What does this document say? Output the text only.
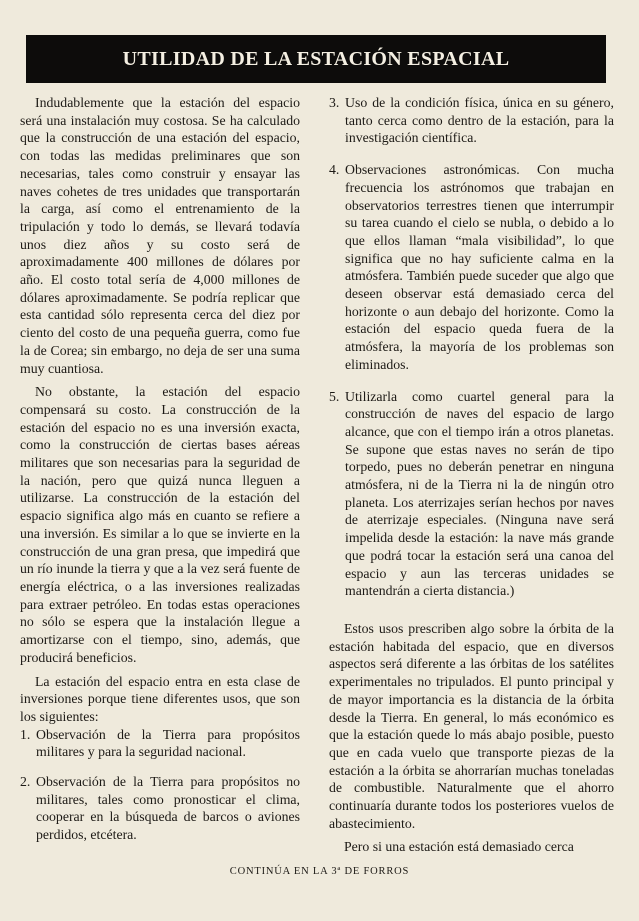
UTILIDAD DE LA ESTACIÓN ESPACIAL

Indudablemente que la estación del espacio será una instalación muy costosa. Se ha calculado que la construcción de una estación del espacio, con todas las medidas preliminares que son necesarias, tales como construir y ensayar las naves cohetes de tres unidades que transportarán la carga, así como el entrenamiento de la tripulación y todo lo demás, se llevará todavía unos diez años y su costo será de aproximadamente 400 millones de dólares por año. El costo total sería de 4,000 millones de dólares aproximadamente. Se podría replicar que esta cantidad sólo representa cerca del diez por ciento del costo de una pequeña guerra, como fue la de Corea; sin embargo, no deja de ser una suma muy cuantiosa.

No obstante, la estación del espacio compensará su costo. La construcción de la estación del espacio no es una inversión exacta, como la construcción de ciertas bases aéreas militares que son necesarias para la seguridad de la nación, pero que quizá nunca lleguen a utilizarse. La construcción de la estación del espacio significa algo más en cuanto se refiere a una inversión. Es similar a lo que se invierte en la construcción de una gran presa, que impedirá que un río inunde la tierra y que a la vez será fuente de energía eléctrica, o a las inversiones realizadas para extraer petróleo. En todas estas operaciones no sólo se espera que la instalación llegue a amortizarse con el tiempo, sino, además, que producirá beneficios.

La estación del espacio entra en esta clase de inversiones porque tiene diferentes usos, que son los siguientes:

1. Observación de la Tierra para propósitos militares y para la seguridad nacional.
2. Observación de la Tierra para propósitos no militares, tales como pronosticar el clima, cooperar en la búsqueda de barcos o aviones perdidos, etcétera.
3. Uso de la condición física, única en su género, tanto cerca como dentro de la estación, para la investigación científica.
4. Observaciones astronómicas. Con mucha frecuencia los astrónomos que trabajan en observatorios terrestres tienen que interrumpir su tarea cuando el cielo se nubla, o debido a lo que ellos llaman “mala visibilidad”, lo que significa que no hay suficiente calma en la atmósfera. También puede suceder que algo que deseen observar está demasiado cerca del horizonte o aun debajo del horizonte. Como la estación del espacio queda fuera de la atmósfera, la mayoría de los problemas son eliminados.
5. Utilizarla como cuartel general para la construcción de naves del espacio de largo alcance, que con el tiempo irán a otros planetas. Se supone que estas naves no serán de tipo torpedo, pues no deberán penetrar en ninguna atmósfera, ni de la Tierra ni la de ningún otro planeta. Los aterrizajes serían hechos por naves de aterrizaje especiales. (Ninguna nave será impelida desde la estación: la nave más grande que podrá tocar la estación será una canoa del espacio y aun las terceras unidades se mantendrán a cierta distancia.)

Estos usos prescriben algo sobre la órbita de la estación habitada del espacio, que en diversos aspectos será diferente a las órbitas de los satélites experimentales no tripulados. El punto principal y de mayor importancia es la distancia de la órbita desde la Tierra. En general, lo más económico es que la estación quede lo más abajo posible, puesto que en cada vuelo que transporte piezas de la estación a la órbita se ahorrarían muchas toneladas de combustible. Naturalmente que el ahorro continuaría durante todos los posteriores vuelos de abastecimiento.

Pero si una estación está demasiado cerca

CONTINÚA EN LA 3ª DE FORROS
